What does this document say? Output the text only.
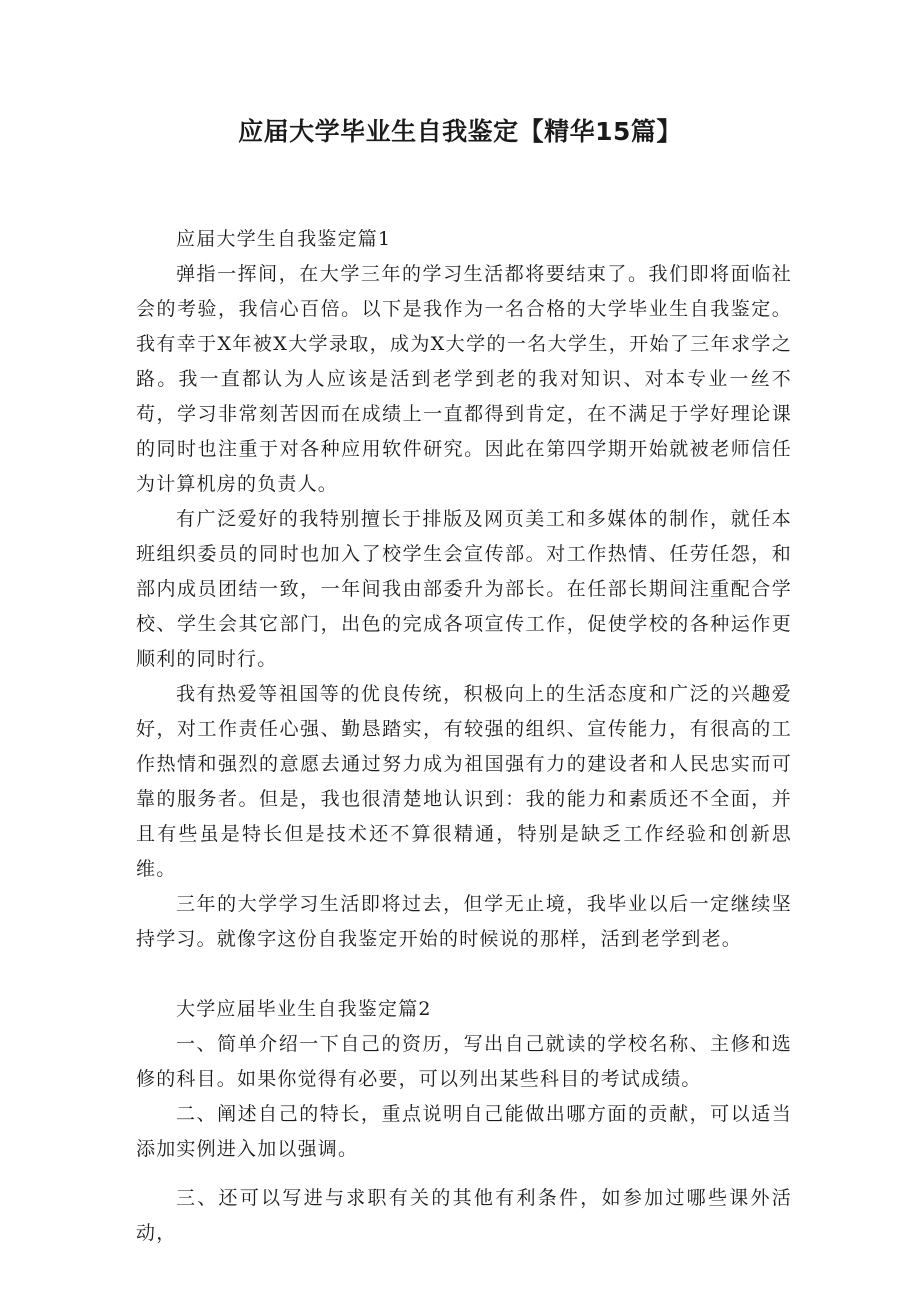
应届大学毕业生自我鉴定【精华15篇】
应届大学生自我鉴定篇1

弹指一挥间，在大学三年的学习生活都将要结束了。我们即将面临社会的考验，我信心百倍。以下是我作为一名合格的大学毕业生自我鉴定。我有幸于X年被X大学录取，成为X大学的一名大学生，开始了三年求学之路。我一直都认为人应该是活到老学到老的我对知识、对本专业一丝不苟，学习非常刻苦因而在成绩上一直都得到肯定，在不满足于学好理论课的同时也注重于对各种应用软件研究。因此在第四学期开始就被老师信任为计算机房的负责人。

有广泛爱好的我特别擅长于排版及网页美工和多媒体的制作，就任本班组织委员的同时也加入了校学生会宣传部。对工作热情、任劳任怨，和部内成员团结一致，一年间我由部委升为部长。在任部长期间注重配合学校、学生会其它部门，出色的完成各项宣传工作，促使学校的各种运作更顺利的同时行。

我有热爱等祖国等的优良传统，积极向上的生活态度和广泛的兴趣爱好，对工作责任心强、勤恳踏实，有较强的组织、宣传能力，有很高的工作热情和强烈的意愿去通过努力成为祖国强有力的建设者和人民忠实而可靠的服务者。但是，我也很清楚地认识到：我的能力和素质还不全面，并且有些虽是特长但是技术还不算很精通，特别是缺乏工作经验和创新思维。

三年的大学学习生活即将过去，但学无止境，我毕业以后一定继续坚持学习。就像字这份自我鉴定开始的时候说的那样，活到老学到老。

大学应届毕业生自我鉴定篇2

一、简单介绍一下自己的资历，写出自己就读的学校名称、主修和选修的科目。如果你觉得有必要，可以列出某些科目的考试成绩。

二、阐述自己的特长，重点说明自己能做出哪方面的贡献，可以适当添加实例进入加以强调。

三、还可以写进与求职有关的其他有利条件，如参加过哪些课外活动，
